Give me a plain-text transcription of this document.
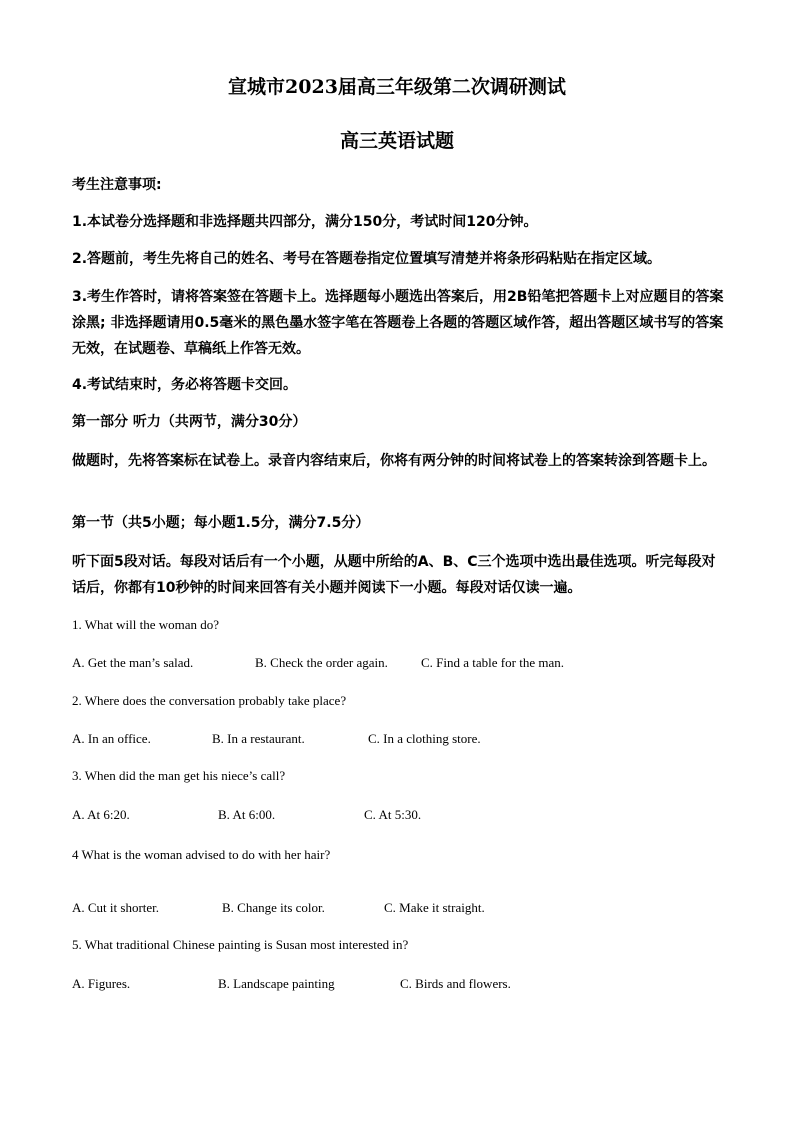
宣城市2023届高三年级第二次调研测试
高三英语试题
考生注意事项:
1.本试卷分选择题和非选择题共四部分，满分150分，考试时间120分钟。
2.答题前，考生先将自己的姓名、考号在答题卷指定位置填写清楚并将条形码粘贴在指定区域。
3.考生作答时，请将答案签在答题卡上。选择题每小题选出答案后，用2B铅笔把答题卡上对应题目的答案涂黑; 非选择题请用0.5毫米的黑色墨水签字笔在答题卷上各题的答题区域作答，超出答题区域书写的答案无效，在试题卷、草稿纸上作答无效。
4.考试结束时，务必将答题卡交回。
第一部分 听力（共两节，满分30分）
做题时，先将答案标在试卷上。录音内容结束后，你将有两分钟的时间将试卷上的答案转涂到答题卡上。
第一节（共5小题；每小题1.5分，满分7.5分）
听下面5段对话。每段对话后有一个小题，从题中所给的A、B、C三个选项中选出最佳选项。听完每段对话后，你都有10秒钟的时间来回答有关小题并阅读下一小题。每段对话仅读一遍。
1. What will the woman do?
A. Get the man’s salad.	B. Check the order again.	C. Find a table for the man.
2. Where does the conversation probably take place?
A. In an office.	B. In a restaurant.	C. In a clothing store.
3. When did the man get his niece’s call?
A. At 6:20.	B. At 6:00.	C. At 5:30.
4 What is the woman advised to do with her hair?
A. Cut it shorter.	B. Change its color.	C. Make it straight.
5. What traditional Chinese painting is Susan most interested in?
A. Figures.	B. Landscape painting	C. Birds and flowers.
